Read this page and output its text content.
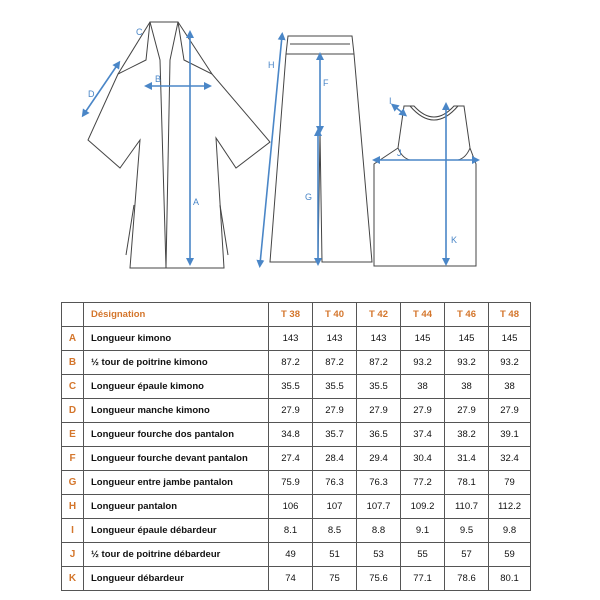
A
B
C
D
F
G
H
I
J
K
	Désignation	T 38	T 40	T 42	T 44	T 46	T 48
A	Longueur kimono	143	143	143	145	145	145
B	½ tour de poitrine kimono	87.2	87.2	87.2	93.2	93.2	93.2
C	Longueur épaule kimono	35.5	35.5	35.5	38	38	38
D	Longueur manche kimono	27.9	27.9	27.9	27.9	27.9	27.9
E	Longueur fourche dos pantalon	34.8	35.7	36.5	37.4	38.2	39.1
F	Longueur fourche devant pantalon	27.4	28.4	29.4	30.4	31.4	32.4
G	Longueur entre jambe pantalon	75.9	76.3	76.3	77.2	78.1	79
H	Longueur pantalon	106	107	107.7	109.2	110.7	112.2
I	Longueur épaule débardeur	8.1	8.5	8.8	9.1	9.5	9.8
J	½ tour de poitrine débardeur	49	51	53	55	57	59
K	Longueur débardeur	74	75	75.6	77.1	78.6	80.1
